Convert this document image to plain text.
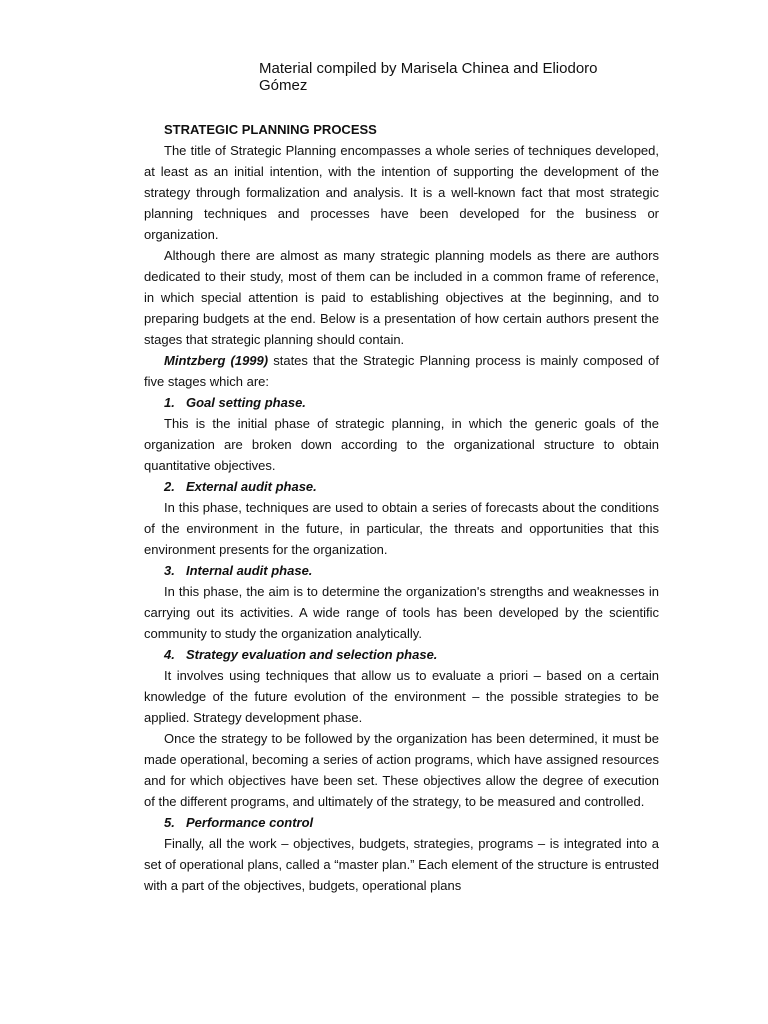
Material compiled by Marisela Chinea and Eliodoro
Gómez
STRATEGIC PLANNING PROCESS

The title of Strategic Planning encompasses a whole series of techniques developed, at least as an initial intention, with the intention of supporting the development of the strategy through formalization and analysis. It is a well-known fact that most strategic planning techniques and processes have been developed for the business or organization.

Although there are almost as many strategic planning models as there are authors dedicated to their study, most of them can be included in a common frame of reference, in which special attention is paid to establishing objectives at the beginning, and to preparing budgets at the end. Below is a presentation of how certain authors present the stages that strategic planning should contain.

Mintzberg (1999) states that the Strategic Planning process is mainly composed of five stages which are:

1. Goal setting phase.

This is the initial phase of strategic planning, in which the generic goals of the organization are broken down according to the organizational structure to obtain quantitative objectives.

2. External audit phase.

In this phase, techniques are used to obtain a series of forecasts about the conditions of the environment in the future, in particular, the threats and opportunities that this environment presents for the organization.

3. Internal audit phase.

In this phase, the aim is to determine the organization's strengths and weaknesses in carrying out its activities. A wide range of tools has been developed by the scientific community to study the organization analytically.

4. Strategy evaluation and selection phase.

It involves using techniques that allow us to evaluate a priori – based on a certain knowledge of the future evolution of the environment – the possible strategies to be applied. Strategy development phase.

Once the strategy to be followed by the organization has been determined, it must be made operational, becoming a series of action programs, which have assigned resources and for which objectives have been set. These objectives allow the degree of execution of the different programs, and ultimately of the strategy, to be measured and controlled.

5. Performance control

Finally, all the work – objectives, budgets, strategies, programs – is integrated into a set of operational plans, called a “master plan.” Each element of the structure is entrusted with a part of the objectives, budgets, operational plans
